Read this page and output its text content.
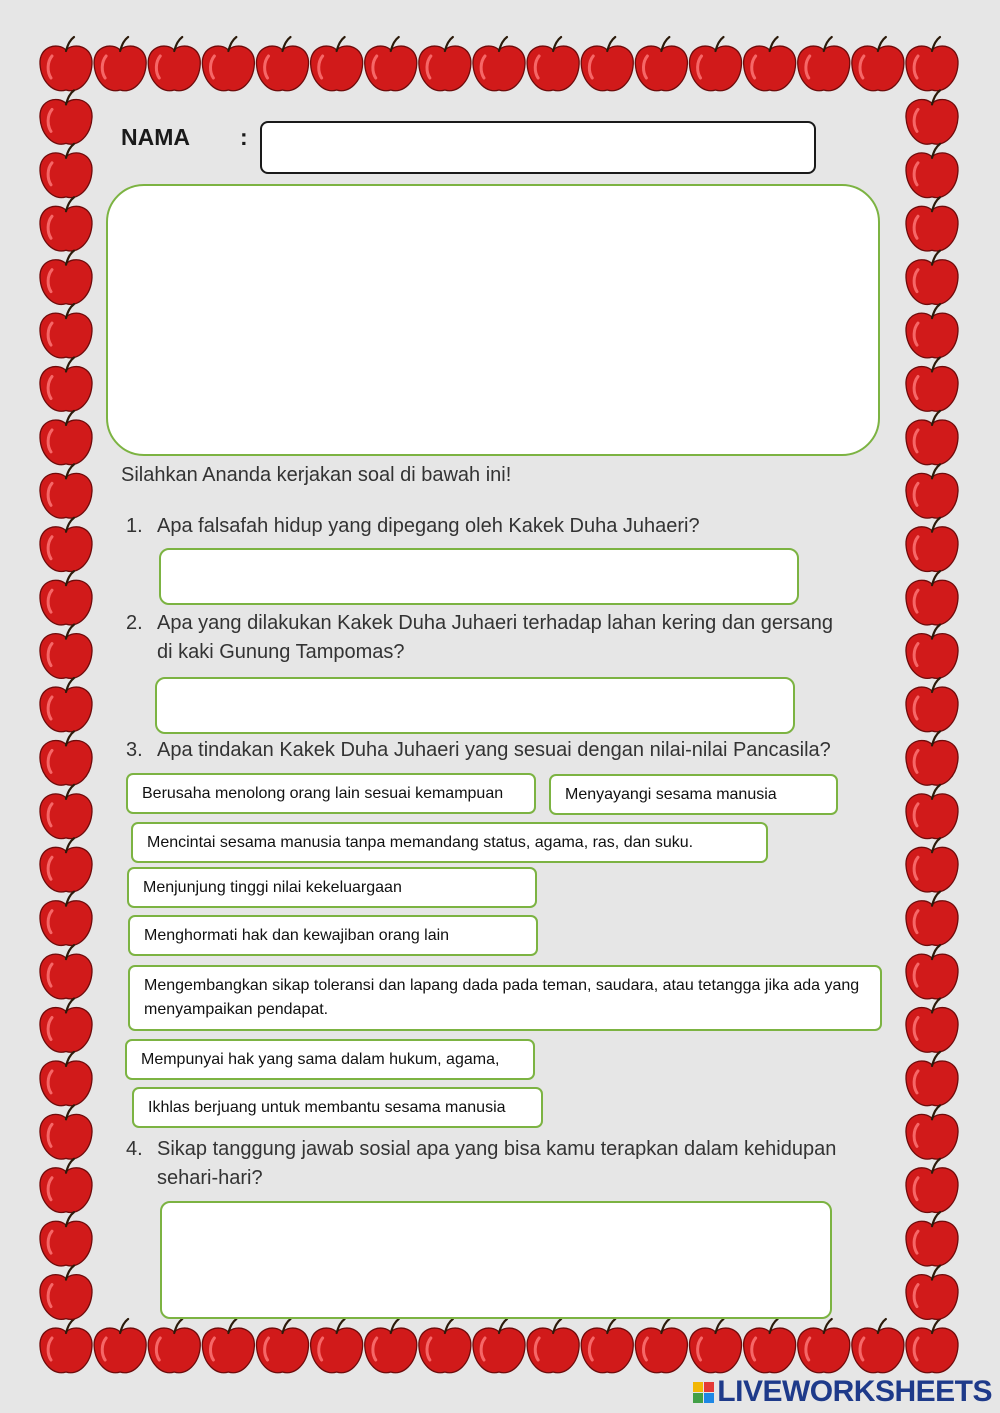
NAMA :
Silahkan Ananda kerjakan soal di bawah ini!
1. Apa falsafah hidup yang dipegang oleh Kakek Duha Juhaeri?
2. Apa yang dilakukan Kakek Duha Juhaeri terhadap lahan kering dan gersang
di kaki Gunung Tampomas?
3. Apa tindakan Kakek Duha Juhaeri yang sesuai dengan nilai-nilai Pancasila?
Berusaha menolong orang lain sesuai kemampuan	Menyayangi sesama manusia
Mencintai sesama manusia tanpa memandang status, agama, ras, dan suku.
Menjunjung tinggi nilai kekeluargaan
Menghormati hak dan kewajiban orang lain
Mengembangkan sikap toleransi dan lapang dada pada teman, saudara, atau tetangga jika ada yang menyampaikan pendapat.
Mempunyai hak yang sama dalam hukum, agama,
Ikhlas berjuang untuk membantu sesama manusia
4. Sikap tanggung jawab sosial apa yang bisa kamu terapkan dalam kehidupan
sehari-hari?
LIVEWORKSHEETS
